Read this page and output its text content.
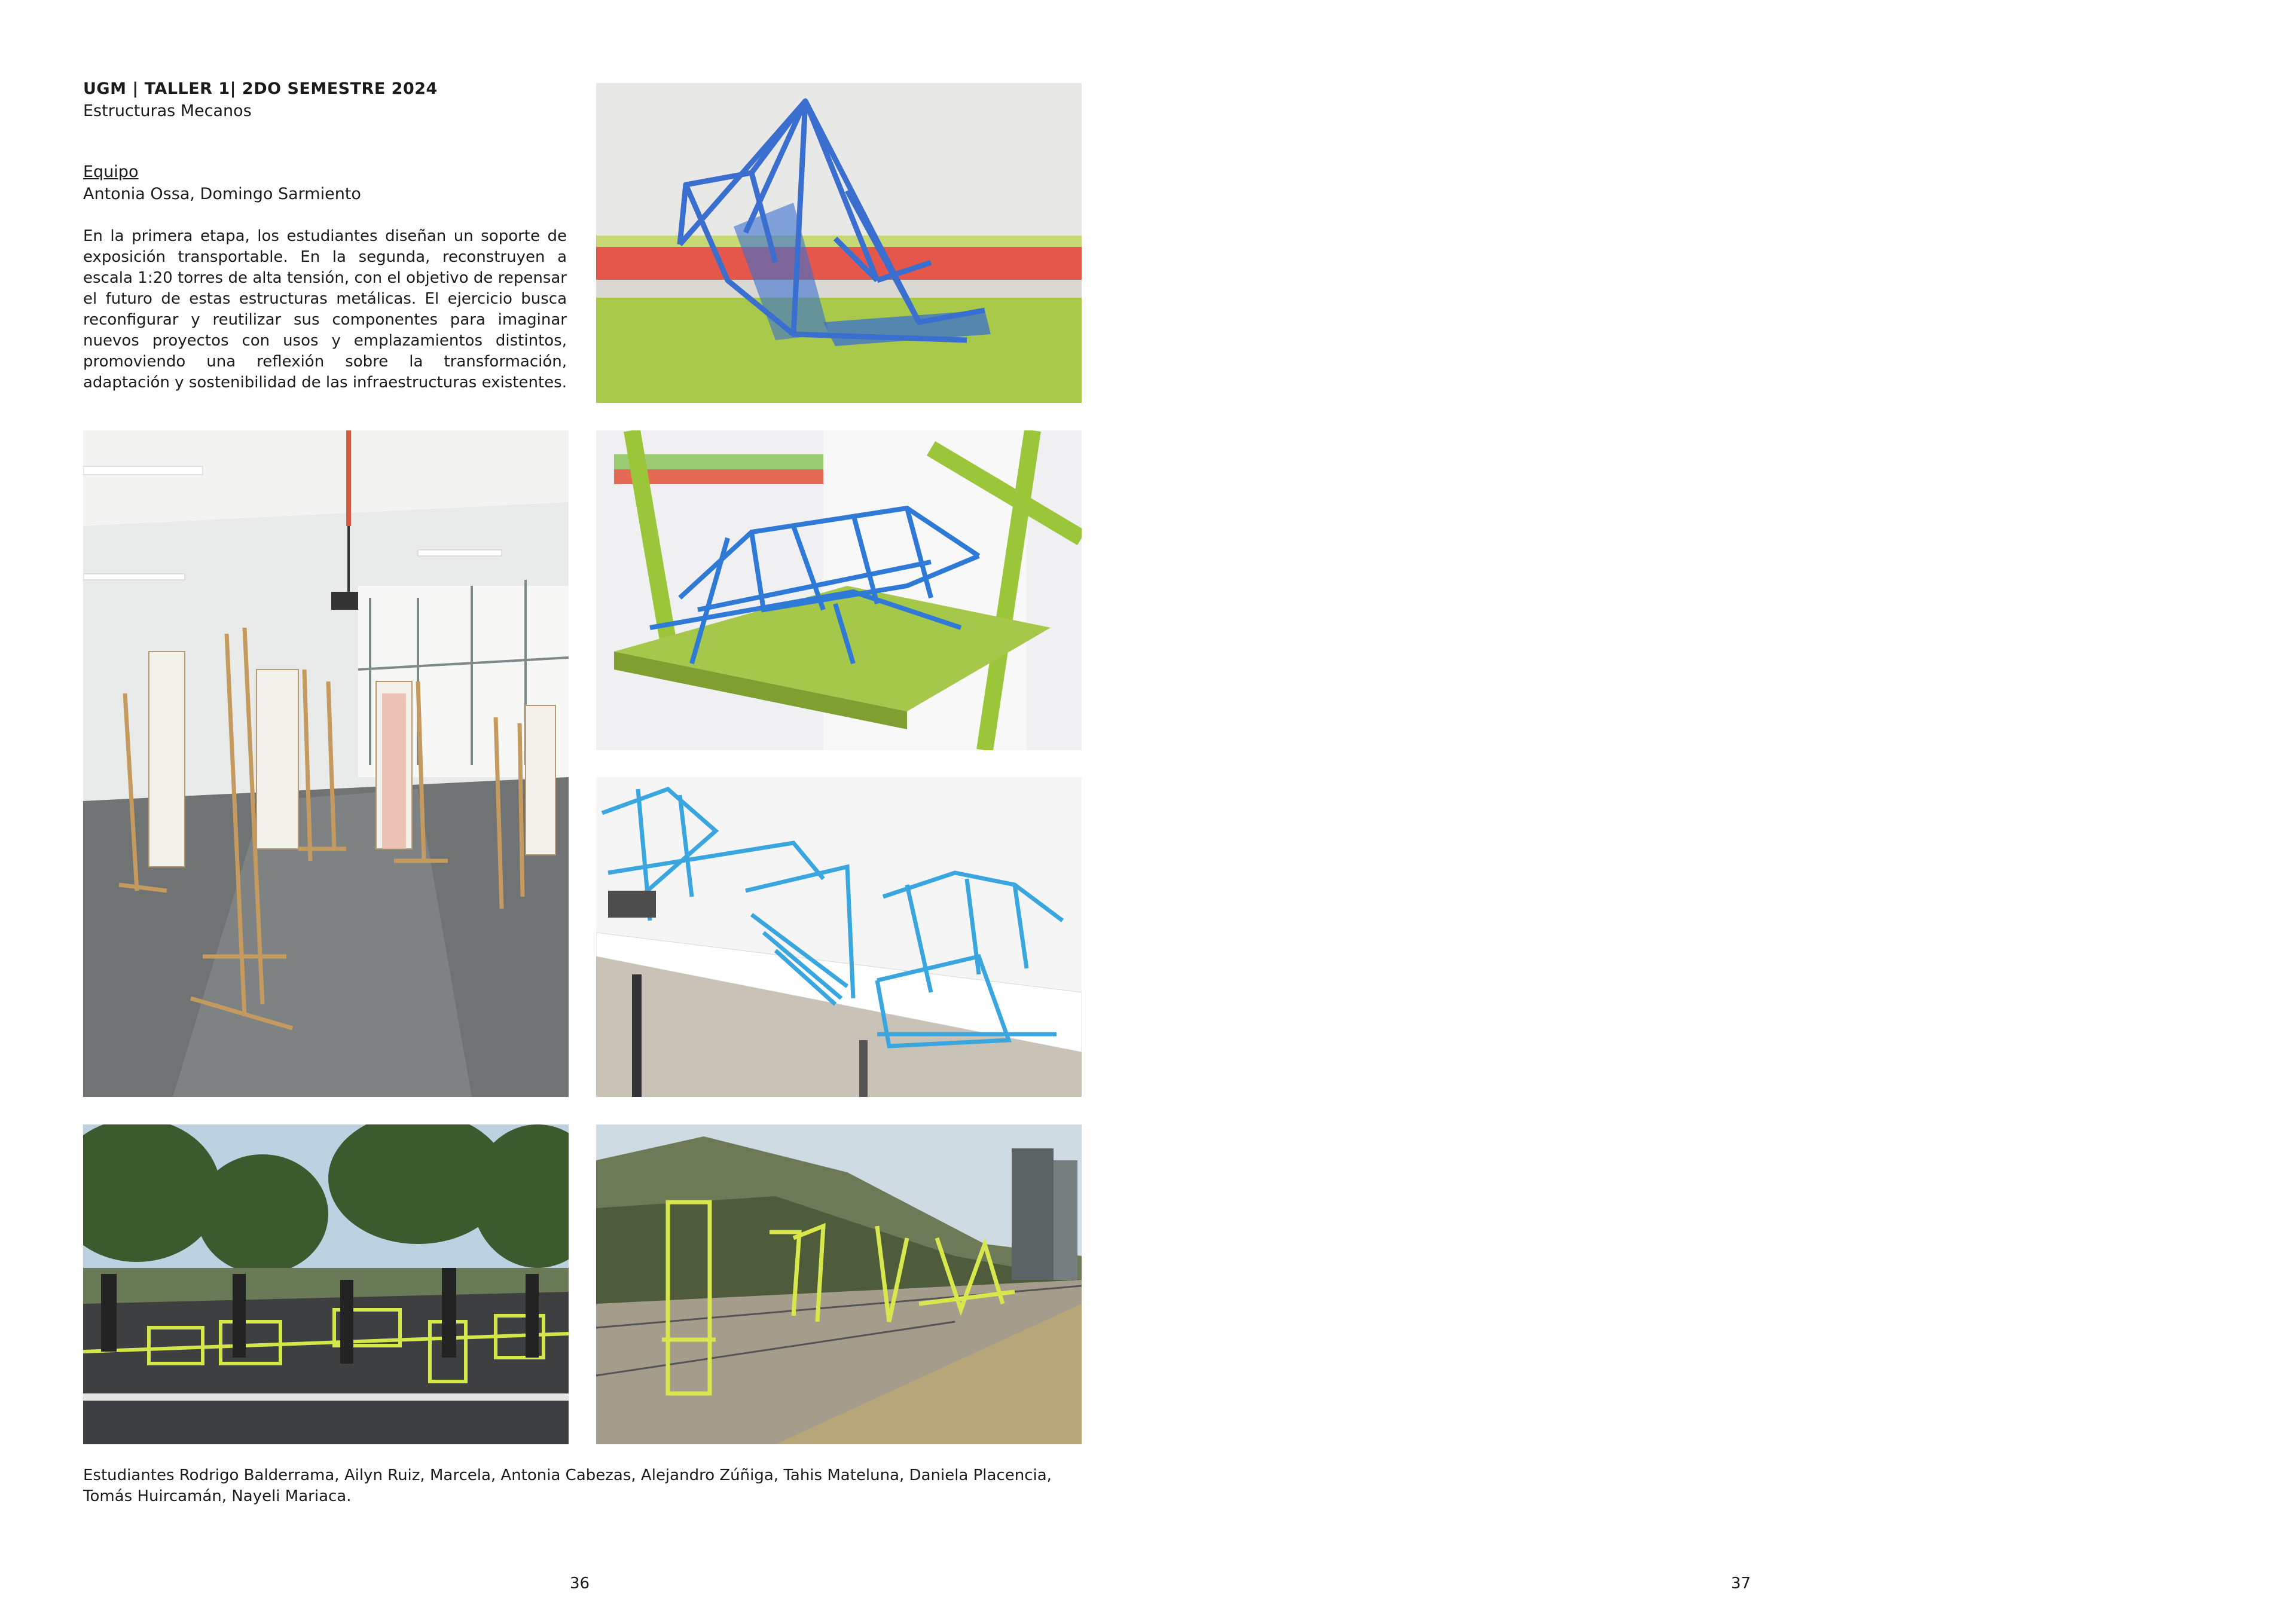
UGM | TALLER 1| 2DO SEMESTRE 2024
Estructuras Mecanos
Equipo
Antonia Ossa, Domingo Sarmiento
En la primera etapa, los estudiantes diseñan un soporte de exposición transportable. En la segunda, reconstruyen a escala 1:20 torres de alta tensión, con el objetivo de repensar el futuro de estas estructuras metálicas. El ejercicio busca reconfigurar y reutilizar sus componentes para imaginar nuevos proyectos con usos y emplazamientos distintos, promoviendo una reflexión sobre la transformación, adaptación y sostenibilidad de las infraestructuras existentes.
Estudiantes Rodrigo Balderrama, Ailyn Ruiz, Marcela, Antonia Cabezas, Alejandro Zúñiga, Tahis Mateluna, Daniela Placencia, Tomás Huircamán, Nayeli Mariaca.
36	37
